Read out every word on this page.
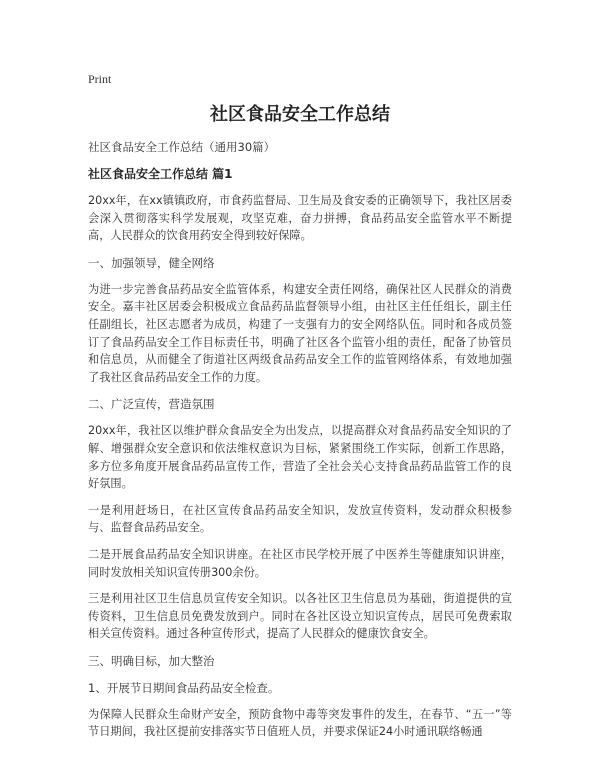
Print
社区食品安全工作总结
社区食品安全工作总结（通用30篇）
社区食品安全工作总结 篇1
20xx年，在xx镇镇政府，市食药监督局、卫生局及食安委的正确领导下，我社区居委会深入贯彻落实科学发展观，攻坚克难，奋力拼搏，食品药品安全监管水平不断提高，人民群众的饮食用药安全得到较好保障。
一、加强领导，健全网络
为进一步完善食品药品安全监管体系，构建安全责任网络，确保社区人民群众的消费安全。嘉丰社区居委会积极成立食品药品监督领导小组，由社区主任任组长，副主任任副组长，社区志愿者为成员，构建了一支强有力的安全网络队伍。同时和各成员签订了食品药品安全工作目标责任书，明确了社区各个监管小组的责任，配备了协管员和信息员，从而健全了街道社区两级食品药品安全工作的监管网络体系，有效地加强了我社区食品药品安全工作的力度。
二、广泛宣传，营造氛围
20xx年，我社区以维护群众食品安全为出发点，以提高群众对食品药品安全知识的了解、增强群众安全意识和依法维权意识为目标，紧紧围绕工作实际，创新工作思路，多方位多角度开展食品药品宣传工作，营造了全社会关心支持食品药品监管工作的良好氛围。
一是利用赶场日，在社区宣传食品药品安全知识，发放宣传资料，发动群众积极参与、监督食品药品安全。
二是开展食品药品安全知识讲座。在社区市民学校开展了中医养生等健康知识讲座，同时发放相关知识宣传册300余份。
三是利用社区卫生信息员宣传安全知识。以各社区卫生信息员为基础，街道提供的宣传资料，卫生信息员免费发放到户。同时在各社区设立知识宣传点，居民可免费索取相关宣传资料。通过各种宣传形式，提高了人民群众的健康饮食安全。
三、明确目标，加大整治
1、开展节日期间食品药品安全检查。
为保障人民群众生命财产安全，预防食物中毒等突发事件的发生，在春节、“五一”等节日期间，我社区提前安排落实节日值班人员，并要求保证24小时通讯联络畅通
